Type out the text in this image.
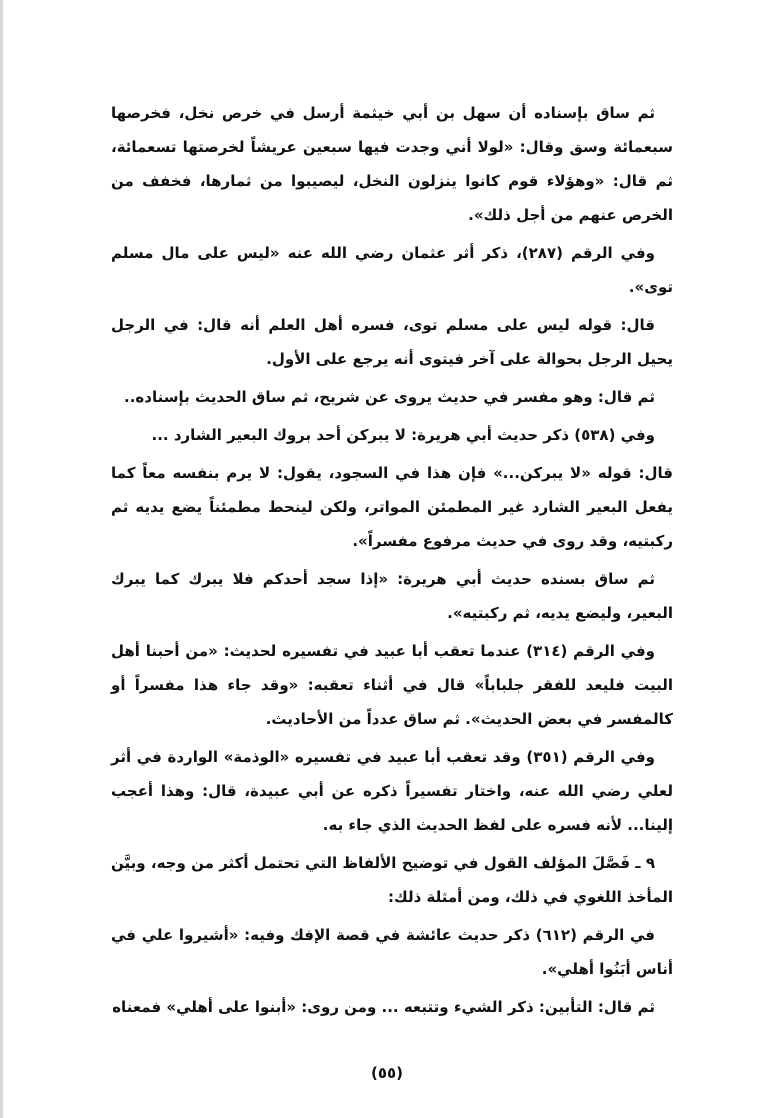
ثم ساق بإسناده أن سهل بن أبي خيثمة أرسل في خرص نخل، فخرصها سبعمائة وسق وقال: «لولا أني وجدت فيها سبعين عريشاً لخرصتها تسعمائة، ثم قال: «وهؤلاء قوم كانوا ينزلون النخل، ليصيبوا من ثمارها، فخفف من الخرص عنهم من أجل ذلك».

وفي الرقم (٢٨٧)، ذكر أثر عثمان رضي الله عنه «ليس على مال مسلم توى».

قال: قوله ليس على مسلم توى، فسره أهل العلم أنه قال: في الرجل يحيل الرجل بحوالة على آخر فيتوى أنه يرجع على الأول.

ثم قال: وهو مفسر في حديث يروى عن شريح، ثم ساق الحديث بإسناده..

وفي (٥٣٨) ذكر حديث أبي هريرة: لا يبركن أحد بروك البعير الشارد ...

قال: قوله «لا يبركن...» فإن هذا في السجود، يقول: لا يرم بنفسه معاً كما يفعل البعير الشارد غير المطمئن المواتر، ولكن لينحط مطمئناً يضع يديه ثم ركبتيه، وقد روى في حديث مرفوع مفسراً».

ثم ساق بسنده حديث أبي هريرة: «إذا سجد أحدكم فلا يبرك كما يبرك البعير، وليضع يديه، ثم ركبتيه».

وفي الرقم (٣١٤) عندما تعقب أبا عبيد في تفسيره لحديث: «من أحبنا أهل البيت فليعد للفقر جلباباً» قال في أثناء تعقبه: «وقد جاء هذا مفسراً أو كالمفسر في بعض الحديث». ثم ساق عدداً من الأحاديث.

وفي الرقم (٣٥١) وقد تعقب أبا عبيد في تفسيره «الوذمة» الواردة في أثر لعلي رضي الله عنه، واختار تفسيراً ذكره عن أبي عبيدة، قال: وهذا أعجب إلينا... لأنه فسره على لفظ الحديث الذي جاء به.

٩ ـ فَصَّلَ المؤلف القول في توضيح الألفاظ التي تحتمل أكثر من وجه، وبيَّن المأخذ اللغوي في ذلك، ومن أمثلة ذلك:

في الرقم (٦١٢) ذكر حديث عائشة في قصة الإفك وفيه: «أشيروا علي في أناس أبَنُوا أهلي».

ثم قال: التأبين: ذكر الشيء وتتبعه ... ومن روى: «أبنوا على أهلي» فمعناه

(٥٥)
